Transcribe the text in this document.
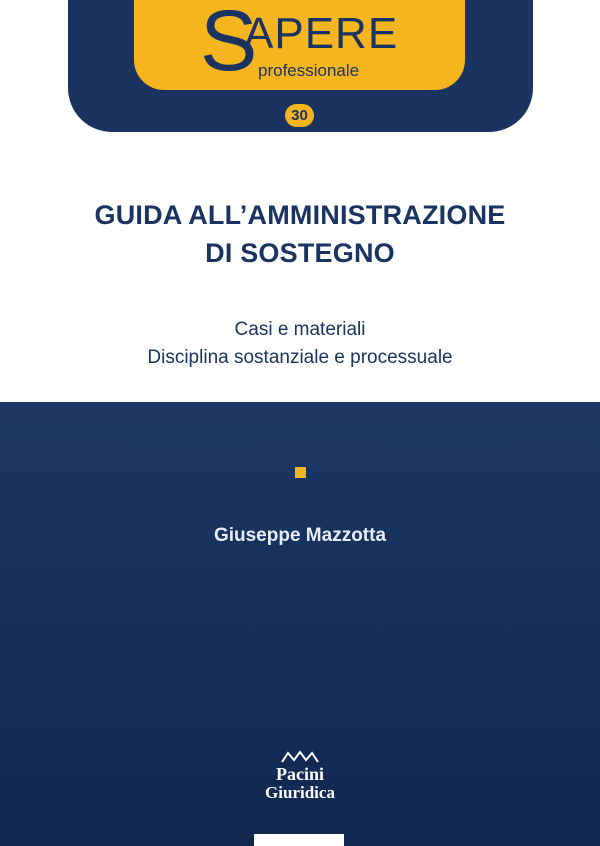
S
APERE
professionale
30
GUIDA ALL’AMMINISTRAZIONE
DI SOSTEGNO
Casi e materiali
Disciplina sostanziale e processuale
Giuseppe Mazzotta
Pacini
Giuridica
